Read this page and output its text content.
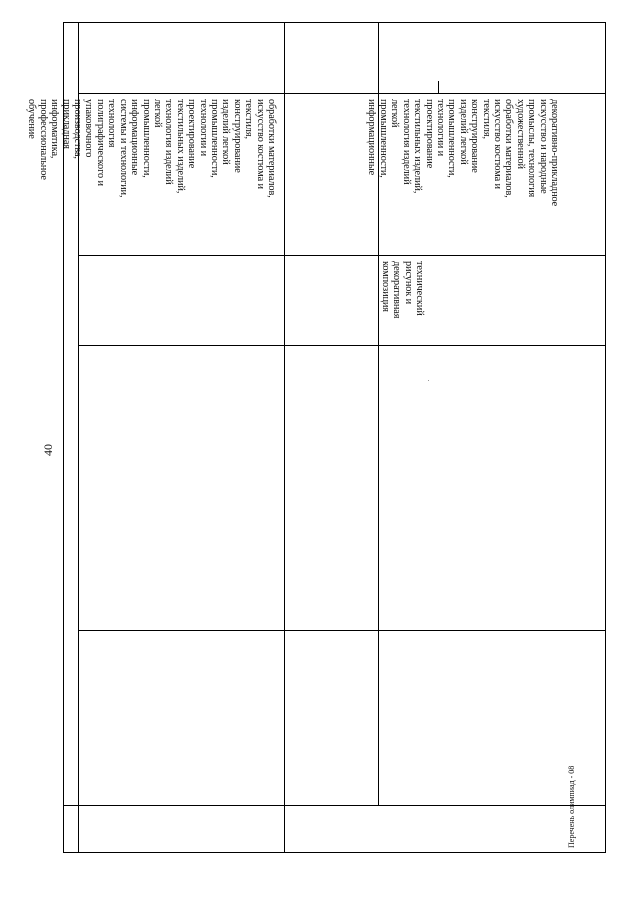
40
обработки материалов,
искусство костюма и
текстиля,
конструирование
изделий легкой
промышленности,
технологии и
проектирование
текстильных изделий,
технология изделий
легкой
промышленности,
информационные
системы и технологии,
технология
полиграфического и
упаковочного
производства,
прикладная
информатика,
профессиональное
обучение
технический
рисунок и
декоративная
композиция
декоративно-прикладное
искусство и народные
промыслы, технология
художественной
обработки материалов,
искусство костюма и
текстиля,
конструирование
изделий легкой
промышленности,
технологии и
проектирование
текстильных изделий,
технология изделий
легкой
промышленности,
информационные
Перечень олимпиад - 08
